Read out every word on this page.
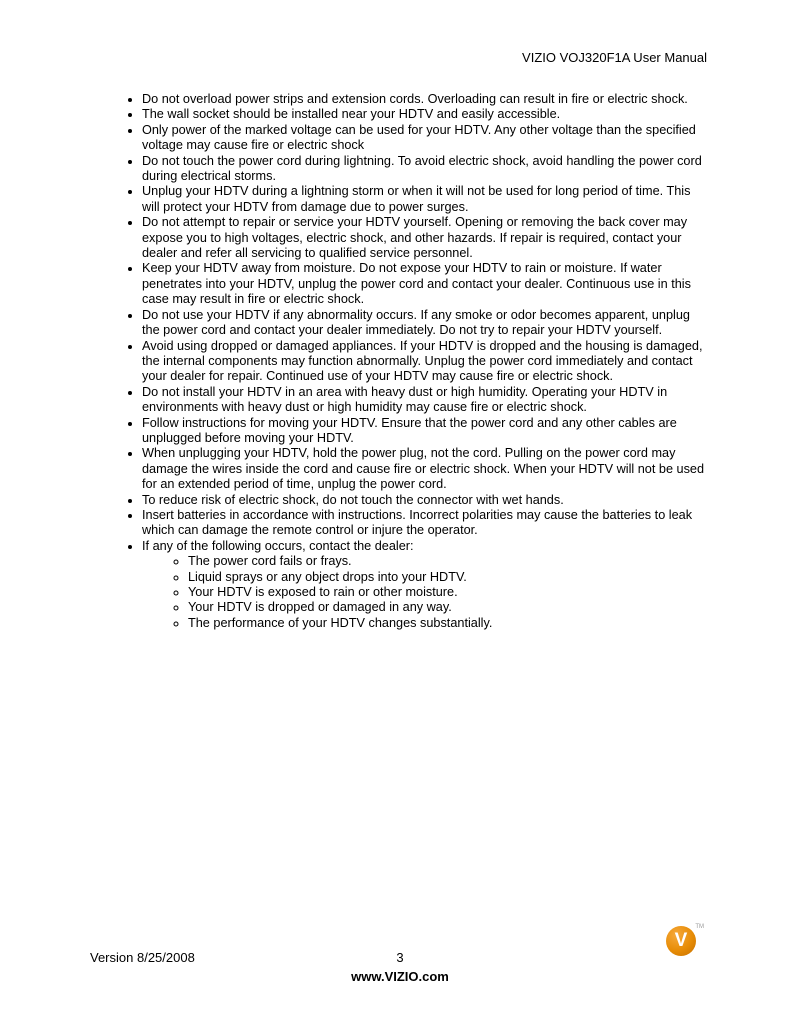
VIZIO VOJ320F1A User Manual
• Do not overload power strips and extension cords. Overloading can result in fire or electric shock.
• The wall socket should be installed near your HDTV and easily accessible.
• Only power of the marked voltage can be used for your HDTV. Any other voltage than the specified voltage may cause fire or electric shock
• Do not touch the power cord during lightning. To avoid electric shock, avoid handling the power cord during electrical storms.
• Unplug your HDTV during a lightning storm or when it will not be used for long period of time. This will protect your HDTV from damage due to power surges.
• Do not attempt to repair or service your HDTV yourself. Opening or removing the back cover may expose you to high voltages, electric shock, and other hazards. If repair is required, contact your dealer and refer all servicing to qualified service personnel.
• Keep your HDTV away from moisture. Do not expose your HDTV to rain or moisture. If water penetrates into your HDTV, unplug the power cord and contact your dealer. Continuous use in this case may result in fire or electric shock.
• Do not use your HDTV if any abnormality occurs. If any smoke or odor becomes apparent, unplug the power cord and contact your dealer immediately. Do not try to repair your HDTV yourself.
• Avoid using dropped or damaged appliances. If your HDTV is dropped and the housing is damaged, the internal components may function abnormally. Unplug the power cord immediately and contact your dealer for repair. Continued use of your HDTV may cause fire or electric shock.
• Do not install your HDTV in an area with heavy dust or high humidity. Operating your HDTV in environments with heavy dust or high humidity may cause fire or electric shock.
• Follow instructions for moving your HDTV. Ensure that the power cord and any other cables are unplugged before moving your HDTV.
• When unplugging your HDTV, hold the power plug, not the cord. Pulling on the power cord may damage the wires inside the cord and cause fire or electric shock. When your HDTV will not be used for an extended period of time, unplug the power cord.
• To reduce risk of electric shock, do not touch the connector with wet hands.
• Insert batteries in accordance with instructions. Incorrect polarities may cause the batteries to leak which can damage the remote control or injure the operator.
• If any of the following occurs, contact the dealer:
◦ The power cord fails or frays.
◦ Liquid sprays or any object drops into your HDTV.
◦ Your HDTV is exposed to rain or other moisture.
◦ Your HDTV is dropped or damaged in any way.
◦ The performance of your HDTV changes substantially.
Version 8/25/2008	3
www.VIZIO.com
V
TM
